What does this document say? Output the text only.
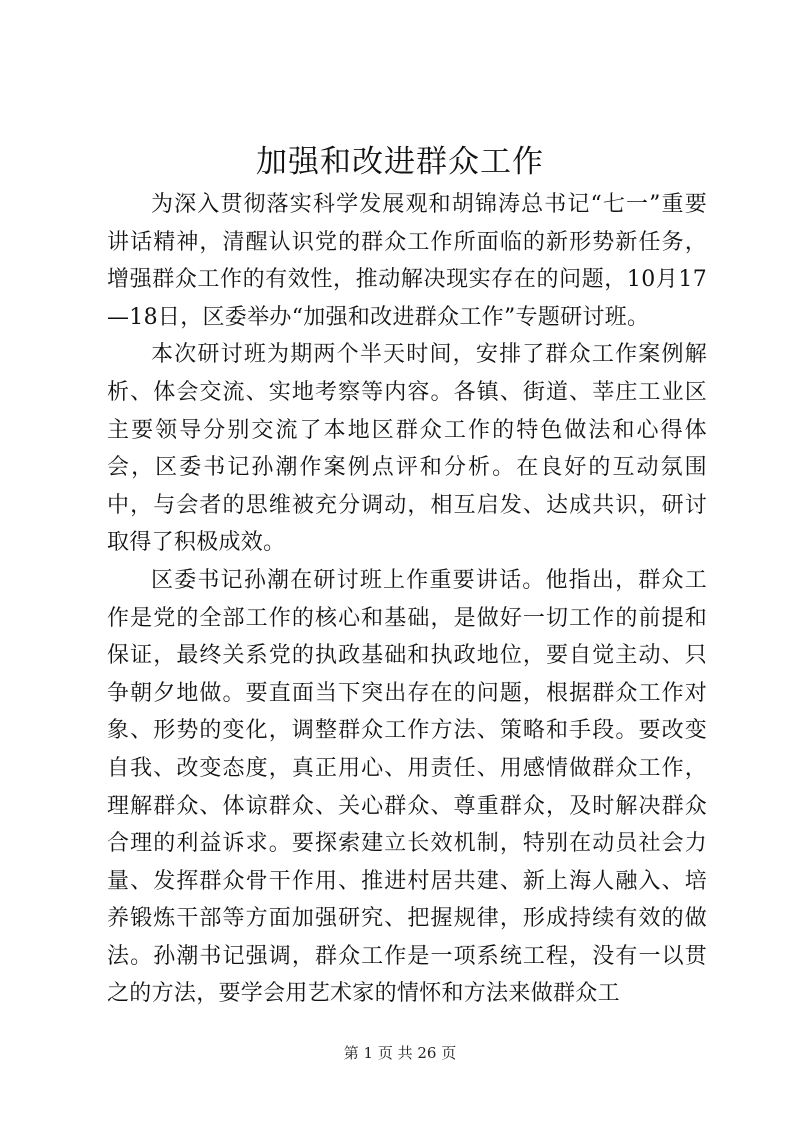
加强和改进群众工作

为深入贯彻落实科学发展观和胡锦涛总书记“七一”重要讲话精神，清醒认识党的群众工作所面临的新形势新任务，增强群众工作的有效性，推动解决现实存在的问题，10月17—18日，区委举办“加强和改进群众工作”专题研讨班。

本次研讨班为期两个半天时间，安排了群众工作案例解析、体会交流、实地考察等内容。各镇、街道、莘庄工业区主要领导分别交流了本地区群众工作的特色做法和心得体会，区委书记孙潮作案例点评和分析。在良好的互动氛围中，与会者的思维被充分调动，相互启发、达成共识，研讨取得了积极成效。

区委书记孙潮在研讨班上作重要讲话。他指出，群众工作是党的全部工作的核心和基础，是做好一切工作的前提和保证，最终关系党的执政基础和执政地位，要自觉主动、只争朝夕地做。要直面当下突出存在的问题，根据群众工作对象、形势的变化，调整群众工作方法、策略和手段。要改变自我、改变态度，真正用心、用责任、用感情做群众工作，理解群众、体谅群众、关心群众、尊重群众，及时解决群众合理的利益诉求。要探索建立长效机制，特别在动员社会力量、发挥群众骨干作用、推进村居共建、新上海人融入、培养锻炼干部等方面加强研究、把握规律，形成持续有效的做法。孙潮书记强调，群众工作是一项系统工程，没有一以贯之的方法，要学会用艺术家的情怀和方法来做群众工

第 1 页 共 26 页
